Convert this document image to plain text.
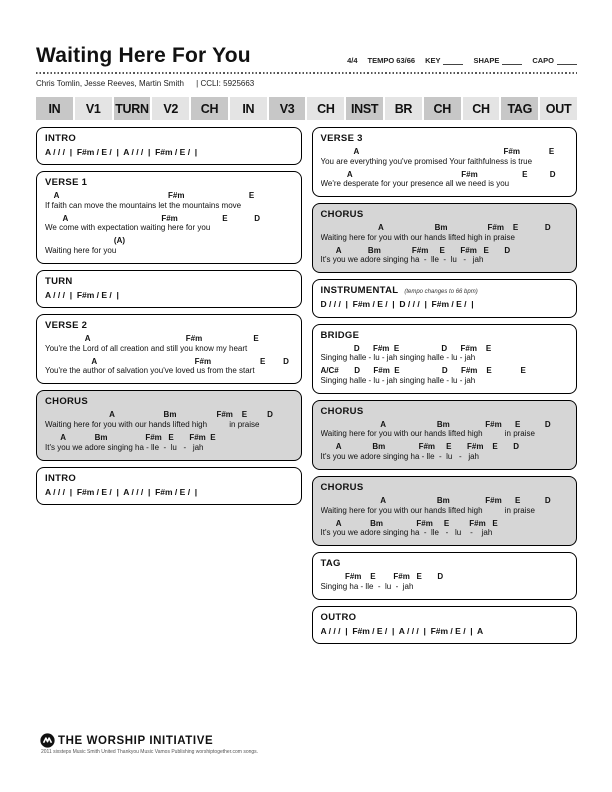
Waiting Here For You	4/4 TEMPO 63/66 KEY	SHAPE	CAPO
Chris Tomlin, Jesse Reeves, Martin Smith | CCLI: 5925663
IN	V1	TURN	V2	CH	IN	V3	CH	INST	BR	CH	CH	TAG	OUT
INTRO
A / / /  |  F#m / E /  |  A / / /  |  F#m / E /  |
VERSE 1
A                                                 F#m                             E
If faith can move the mountains let the mountains move
A                                          F#m                    E            D
We come with expectation waiting here for you
(A)
Waiting here for you
TURN
A / / /  |  F#m / E /  |
VERSE 2
A                                           F#m                       E
You're the Lord of all creation and still you know my heart
A                                            F#m                      E        D
You're the author of salvation you've loved us from the start
CHORUS
A                      Bm                  F#m    E         D
Waiting here for you with our hands lifted high          in praise
A             Bm                 F#m   E       F#m  E
It's you we adore singing ha - lle  -  lu   -   jah
INTRO
A / / /  |  F#m / E /  |  A / / /  |  F#m / E /  |
VERSE 3
A                                                                 F#m             E
You are everything you've promised Your faithfulness is true
A                                                 F#m                    E          D
We're desperate for your presence all we need is you
CHORUS
A                       Bm                  F#m    E            D
Waiting here for you with our hands lifted high in praise
A            Bm              F#m     E       F#m   E       D
It's you we adore singing ha  -  lle  -  lu   -   jah
INSTRUMENTAL (tempo changes to 66 bpm)
D / / /  |  F#m / E /  |  D / / /  |  F#m / E /  |
BRIDGE
D      F#m  E                   D      F#m    E
Singing halle - lu - jah singing halle - lu - jah
A/C#       D      F#m  E                   D      F#m    E             E
Singing halle - lu - jah singing halle - lu - jah
CHORUS
A                       Bm                F#m      E           D
Waiting here for you with our hands lifted high          in praise
A              Bm               F#m     E       F#m    E       D
It's you we adore singing ha - lle  -  lu   -   jah
CHORUS
A                       Bm                F#m      E           D
Waiting here for you with our hands lifted high          in praise
A             Bm               F#m     E         F#m   E
It's you we adore singing ha  -  lle   -   lu    -    jah
TAG
F#m    E        F#m   E       D
Singing ha - lle  -  lu  -  jah
OUTRO
A / / /  |  F#m / E /  |  A / / /  |  F#m / E /  |  A
THE WORSHIP INITIATIVE
2011 sixsteps Music Smith United Thankyou Music Vamos Publishing worshiptogether.com songs.
